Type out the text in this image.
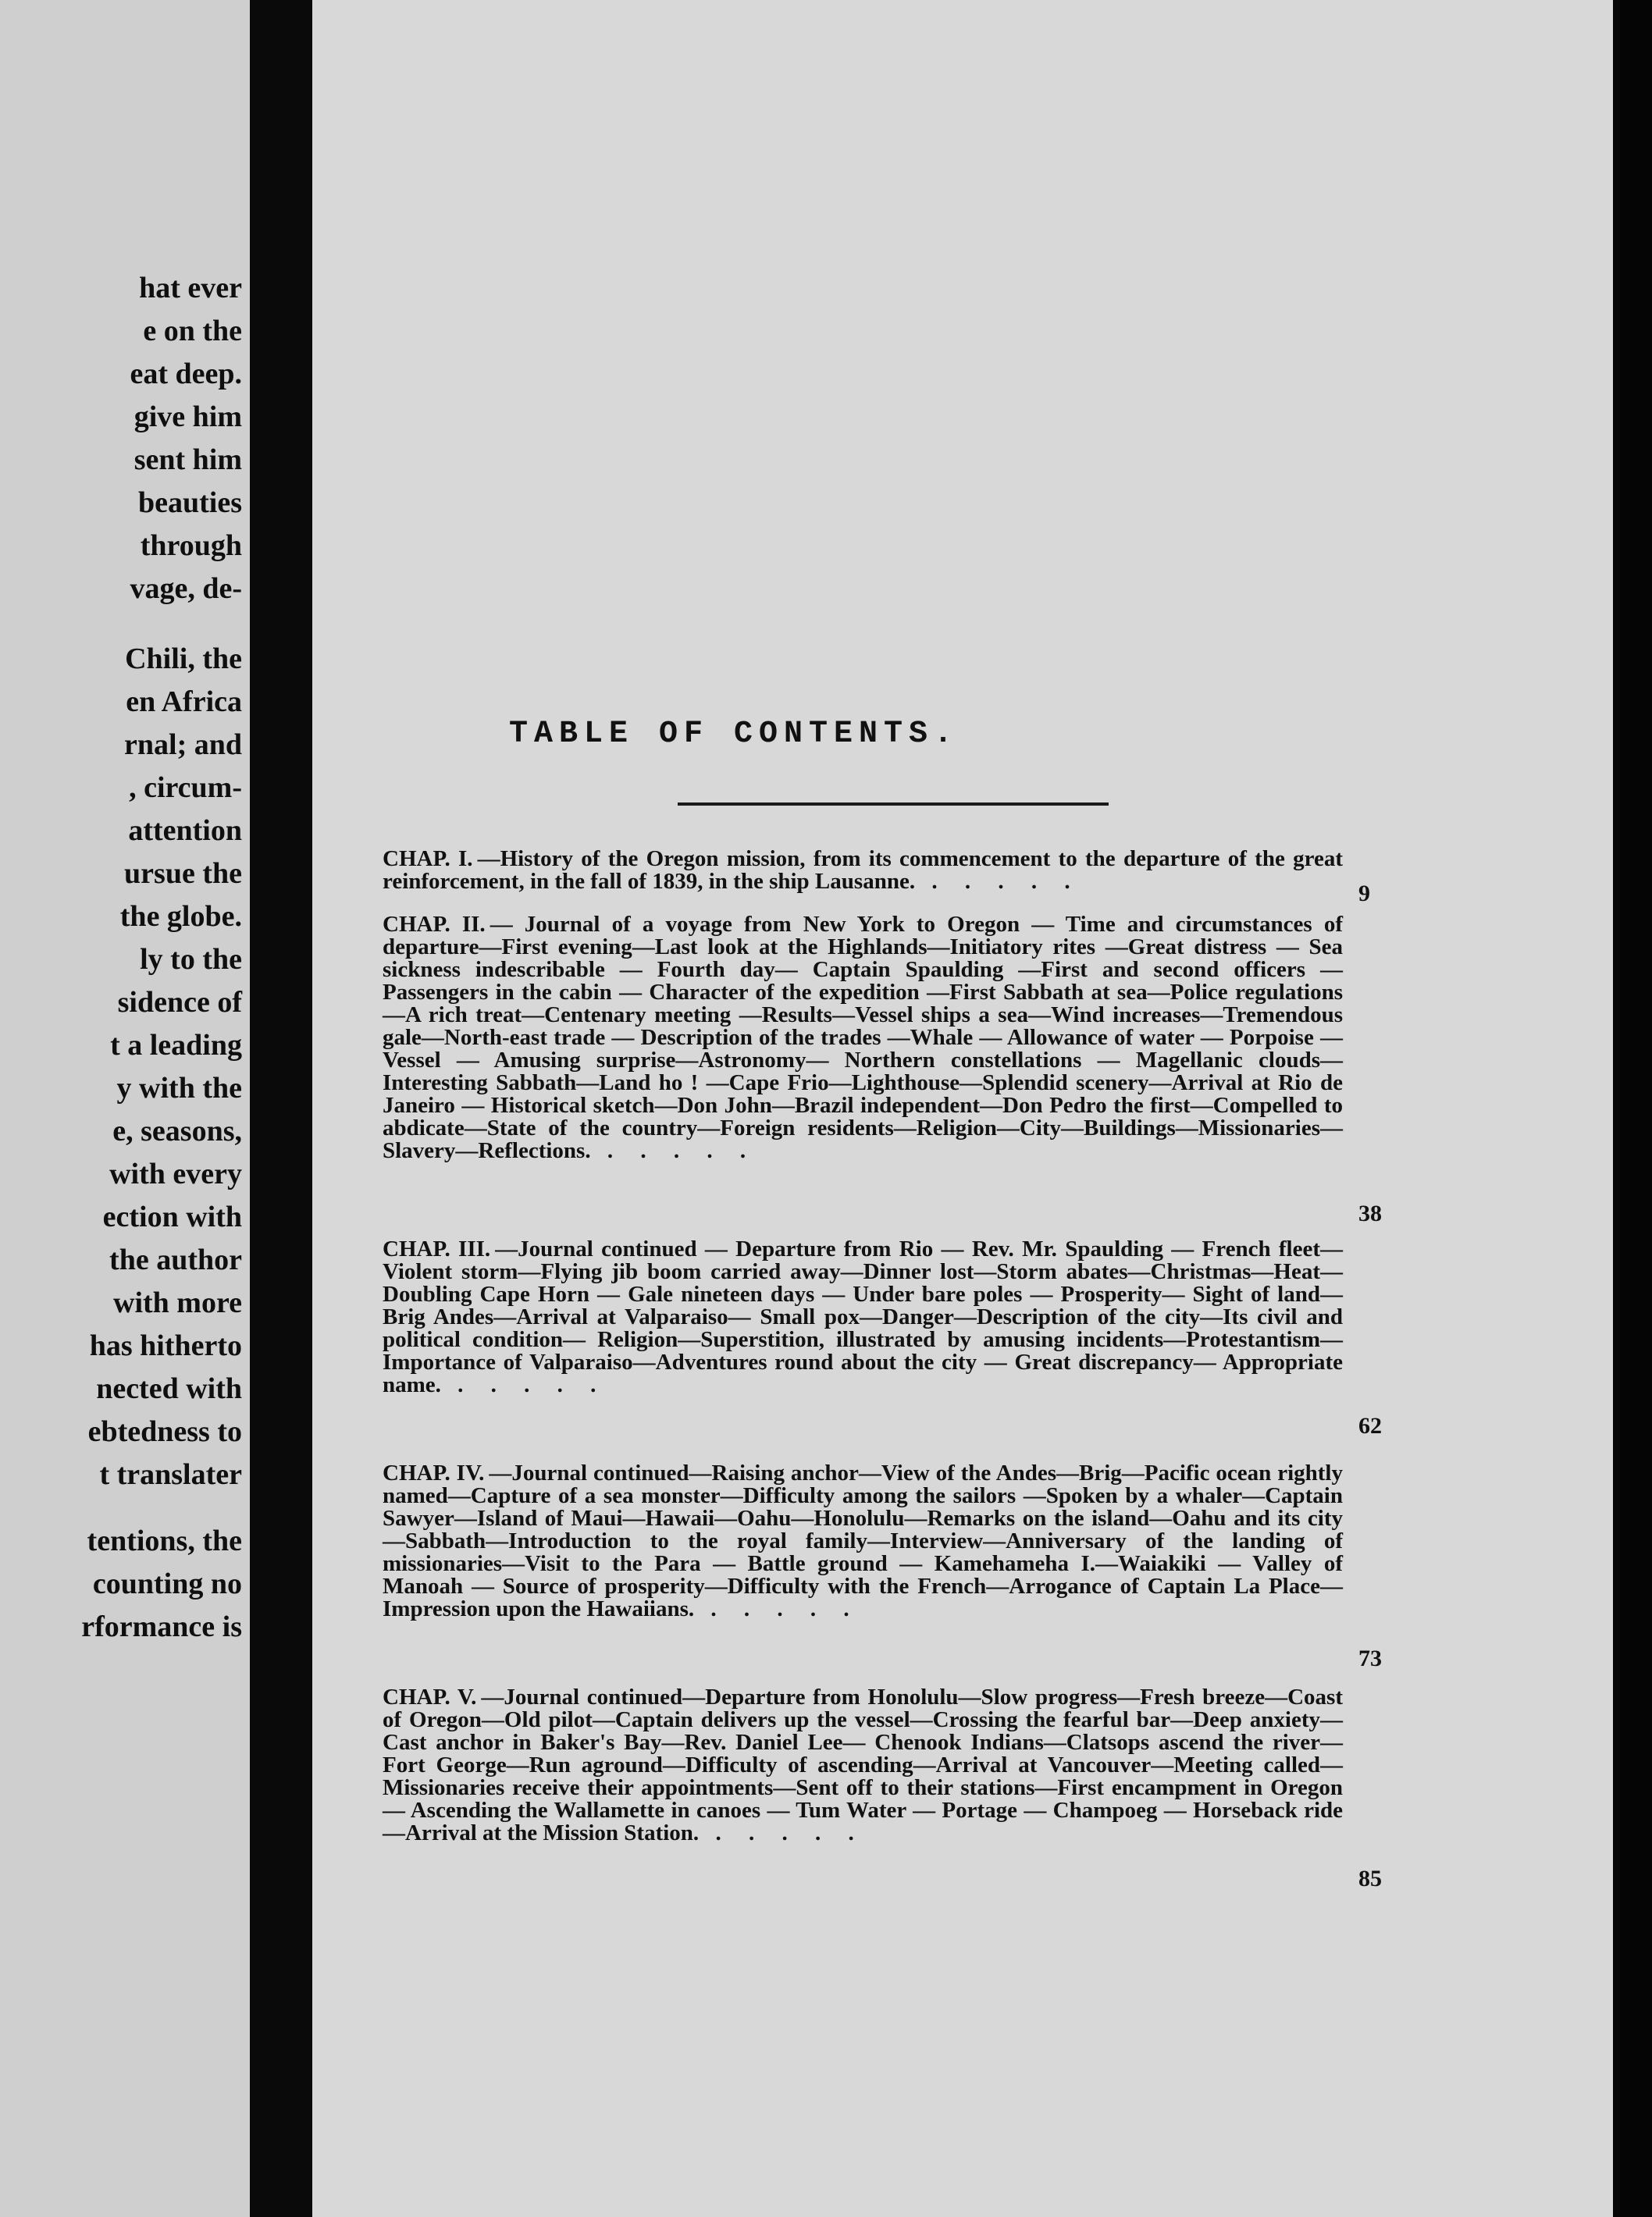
hat ever
e on the
eat deep.
give him
sent him
beauties
through
vage, de-
Chili, the
en Africa
rnal; and
, circum-
attention
ursue the
the globe.
ly to the
sidence of
t a leading
y with the
e, seasons,
with every
ection with
the author
with more
has hitherto
nected with
ebtedness to
t translater
tentions, the
counting no
rformance is
TABLE OF CONTENTS.
CHAP. I. —History of the Oregon mission, from its commencement to the departure of the great reinforcement, in the fall of 1839, in the ship Lausanne. . . . . .
CHAP. II. — Journal of a voyage from New York to Oregon — Time and circumstances of departure—First evening—Last look at the Highlands—Initiatory rites —Great distress — Sea sickness indescribable — Fourth day— Captain Spaulding —First and second officers — Passengers in the cabin — Character of the expedition —First Sabbath at sea—Police regulations—A rich treat—Centenary meeting —Results—Vessel ships a sea—Wind increases—Tremendous gale—North-east trade — Description of the trades —Whale — Allowance of water — Porpoise — Vessel — Amusing surprise—Astronomy— Northern constellations — Magellanic clouds—Interesting Sabbath—Land ho ! —Cape Frio—Lighthouse—Splendid scenery—Arrival at Rio de Janeiro — Historical sketch—Don John—Brazil independent—Don Pedro the first—Compelled to abdicate—State of the country—Foreign residents—Religion—City—Buildings—Missionaries—Slavery—Reflections. . . . . .
CHAP. III. —Journal continued — Departure from Rio — Rev. Mr. Spaulding — French fleet—Violent storm—Flying jib boom carried away—Dinner lost—Storm abates—Christmas—Heat—Doubling Cape Horn — Gale nineteen days — Under bare poles — Prosperity— Sight of land—Brig Andes—Arrival at Valparaiso— Small pox—Danger—Description of the city—Its civil and political condition— Religion—Superstition, illustrated by amusing incidents—Protestantism—Importance of Valparaiso—Adventures round about the city — Great discrepancy— Appropriate name. . . . . .
CHAP. IV. —Journal continued—Raising anchor—View of the Andes—Brig—Pacific ocean rightly named—Capture of a sea monster—Difficulty among the sailors —Spoken by a whaler—Captain Sawyer—Island of Maui—Hawaii—Oahu—Honolulu—Remarks on the island—Oahu and its city—Sabbath—Introduction to the royal family—Interview—Anniversary of the landing of missionaries—Visit to the Para — Battle ground — Kamehameha I.—Waiakiki — Valley of Manoah — Source of prosperity—Difficulty with the French—Arrogance of Captain La Place—Impression upon the Hawaiians. . . . . .
CHAP. V. —Journal continued—Departure from Honolulu—Slow progress—Fresh breeze—Coast of Oregon—Old pilot—Captain delivers up the vessel—Crossing the fearful bar—Deep anxiety—Cast anchor in Baker's Bay—Rev. Daniel Lee— Chenook Indians—Clatsops ascend the river—Fort George—Run aground—Difficulty of ascending—Arrival at Vancouver—Meeting called—Missionaries receive their appointments—Sent off to their stations—First encampment in Oregon— Ascending the Wallamette in canoes — Tum Water — Portage — Champoeg — Horseback ride—Arrival at the Mission Station. . . . . .
9
38
62
73
85
